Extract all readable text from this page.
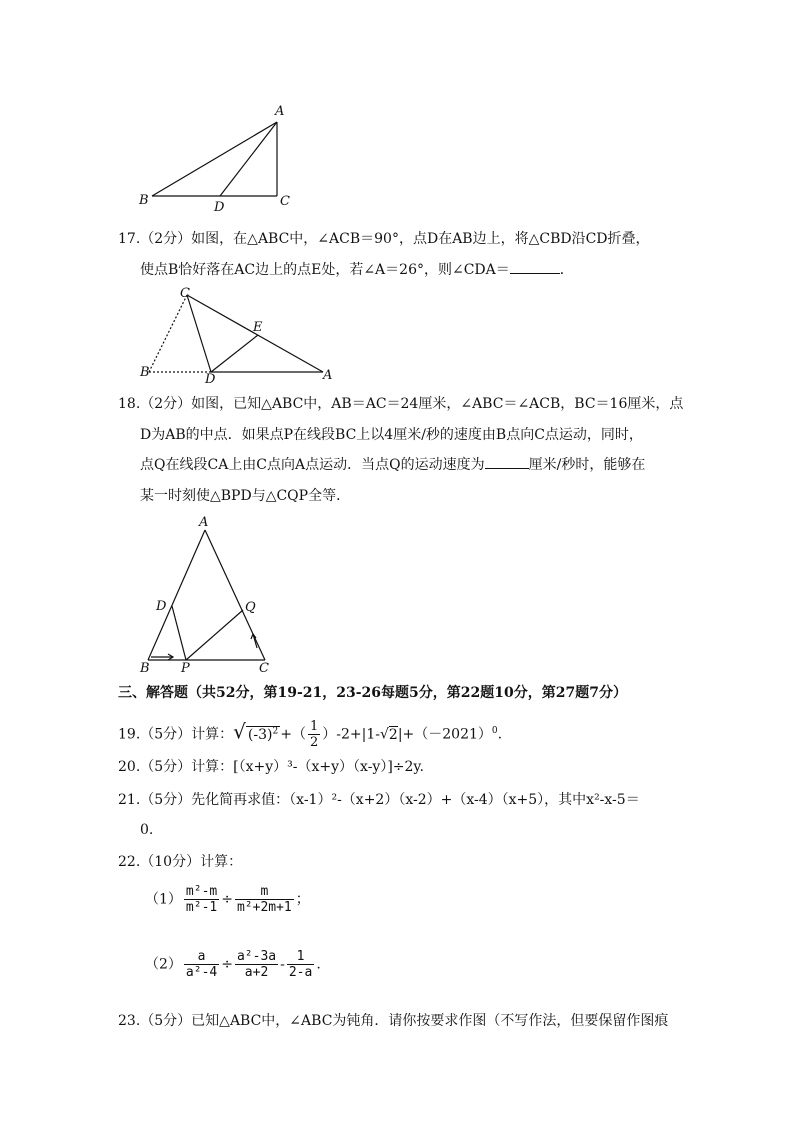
A
B	D	C
17.（2分）如图，在△ABC中，∠ACB＝90°，点D在AB边上，将△CBD沿CD折叠，
使点B恰好落在AC边上的点E处，若∠A＝26°，则∠CDA＝	．
C
E
B	D	A
18.（2分）如图，已知△ABC中，AB＝AC＝24厘米，∠ABC＝∠ACB，BC＝16厘米，点
D为AB的中点．如果点P在线段BC上以4厘米/秒的速度由B点向C点运动，同时，
点Q在线段CA上由C点向A点运动．当点Q的运动速度为	厘米/秒时，能够在
某一时刻使△BPD与△CQP全等．
A
D	Q
B P	C
三、解答题（共52分，第19-21，23-26每题5分，第22题10分，第27题7分）
19.（5分）计算：√ $(-3)^2$ +（ $\frac{1}{2} )-2+|1-√2|+(-2021)^0$.
20.（5分）计算：[（x+y）³-（x+y）（x-y）]÷2y.
21.（5分）先化简再求值：（x-1）²-（x+2）（x-2）+（x-4）（x+5），其中x²-x-5＝
0.
22.（10分）计算：
$(1) \frac{\text{m²-m}}{\text{m²-1}} \div \frac{m}{\text{m²+2m+1}}$ ；
$(2) \frac{a}{\text{a²-4}} \div \frac{\text{a²-3a}}{a+2} - \frac{1}{2-a}$ .
23.（5分）已知△ABC中，∠ABC为钝角．请你按要求作图（不写作法，但要保留作图痕
